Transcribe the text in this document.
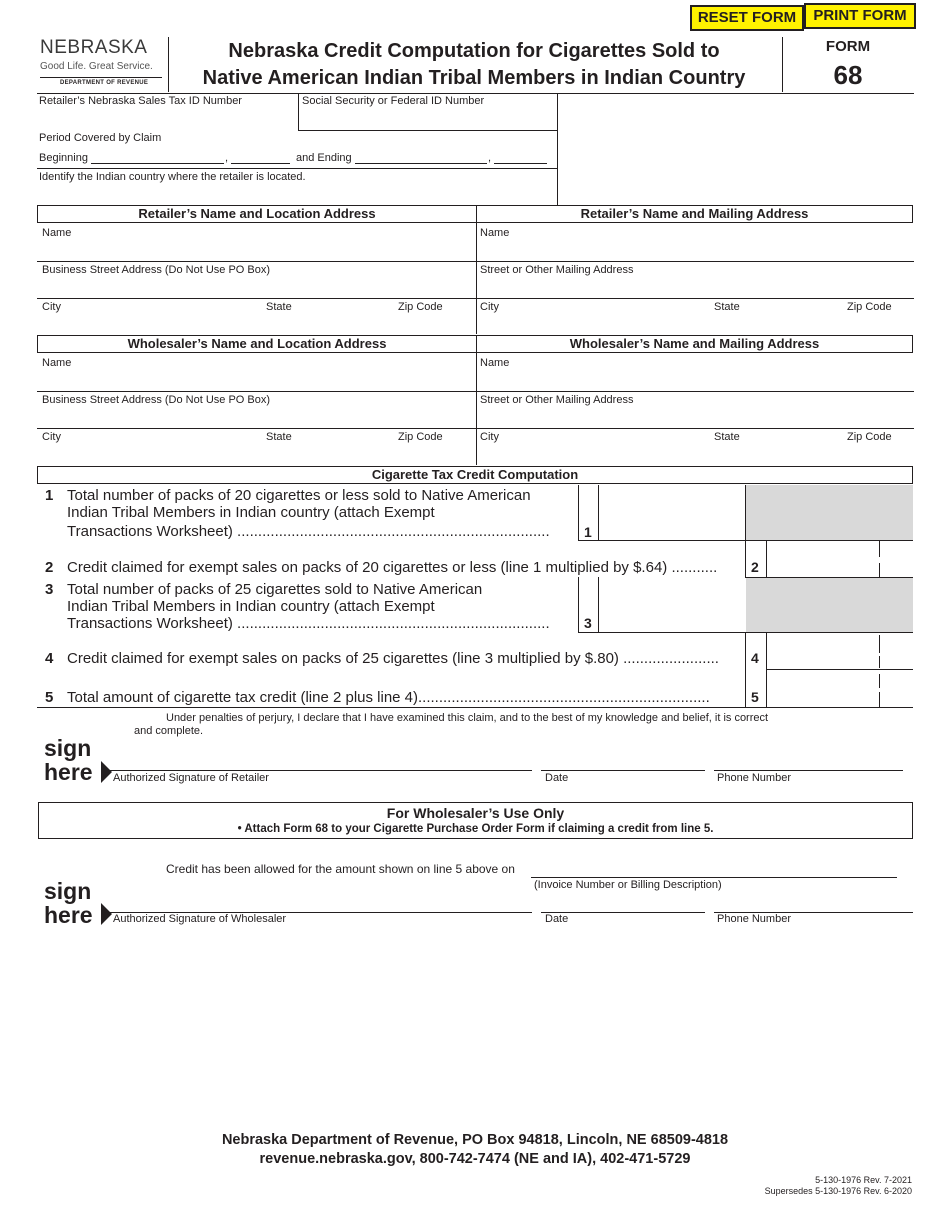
RESET FORM	PRINT FORM
NEBRASKA
Good Life. Great Service.
DEPARTMENT OF REVENUE
Nebraska Credit Computation for Cigarettes Sold to
Native American Indian Tribal Members in Indian Country
FORM
68
Retailer’s Nebraska Sales Tax ID Number	Social Security or Federal ID Number
Period Covered by Claim
Beginning	,	and Ending	,
Identify the Indian country where the retailer is located.
Retailer’s Name and Location Address	Retailer’s Name and Mailing Address
Name	Name
Business Street Address (Do Not Use PO Box)	Street or Other Mailing Address
City	State	Zip Code	City	State	Zip Code
Wholesaler’s Name and Location Address	Wholesaler’s Name and Mailing Address
Name	Name
Business Street Address (Do Not Use PO Box)	Street or Other Mailing Address
City	State	Zip Code	City	State	Zip Code
Cigarette Tax Credit Computation
1 Total number of packs of 20 cigarettes or less sold to Native American
Indian Tribal Members in Indian country (attach Exempt
Transactions Worksheet) ...........................................................................	1
2 Credit claimed for exempt sales on packs of 20 cigarettes or less (line 1 multiplied by $.64) ...........	2
3 Total number of packs of 25 cigarettes sold to Native American
Indian Tribal Members in Indian country (attach Exempt
Transactions Worksheet) ...........................................................................	3
4 Credit claimed for exempt sales on packs of 25 cigarettes (line 3 multiplied by $.80) .......................	4
5 Total amount of cigarette tax credit (line 2 plus line 4)......................................................................	5
Under penalties of perjury, I declare that I have examined this claim, and to the best of my knowledge and belief, it is correct
and complete.
sign
here Authorized Signature of Retailer	Date	Phone Number
For Wholesaler’s Use Only
• Attach Form 68 to your Cigarette Purchase Order Form if claiming a credit from line 5.
Credit has been allowed for the amount shown on line 5 above on
(Invoice Number or Billing Description)
sign
here Authorized Signature of Wholesaler	Date	Phone Number
Nebraska Department of Revenue, PO Box 94818, Lincoln, NE 68509-4818
revenue.nebraska.gov, 800-742-7474 (NE and IA), 402-471-5729
5-130-1976 Rev. 7-2021
Supersedes 5-130-1976 Rev. 6-2020
